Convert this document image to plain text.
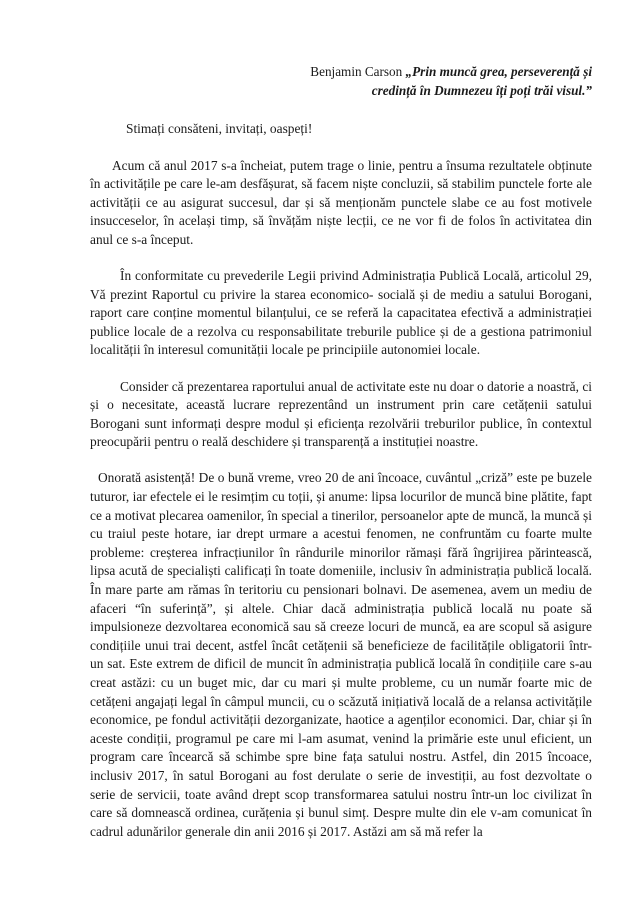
Benjamin Carson „Prin muncă grea, perseverență și
credință în Dumnezeu îți poți trăi visul.”

Stimați consăteni, invitați, oaspeți!

Acum că anul 2017 s-a încheiat, putem trage o linie, pentru a însuma rezultatele obținute în activitățile pe care le-am desfășurat, să facem niște concluzii, să stabilim punctele forte ale activității ce au asigurat succesul, dar și să menționăm punctele slabe ce au fost motivele insucceselor, în același timp, să învățăm niște lecții, ce ne vor fi de folos în activitatea din anul ce s-a început.

În conformitate cu prevederile Legii privind Administrația Publică Locală, articolul 29, Vă prezint Raportul cu privire la starea economico- socială și de mediu a satului Borogani, raport care conține momentul bilanțului, ce se referă la capacitatea efectivă a administrației publice locale de a rezolva cu responsabilitate treburile publice și de a gestiona patrimoniul localității în interesul comunității locale pe principiile autonomiei locale.

Consider că prezentarea raportului anual de activitate este nu doar o datorie a noastră, ci și o necesitate, această lucrare reprezentând un instrument prin care cetățenii satului Borogani sunt informați despre modul și eficiența rezolvării treburilor publice, în contextul preocupării pentru o reală deschidere și transparență a instituției noastre.

Onorată asistență! De o bună vreme, vreo 20 de ani încoace, cuvântul „criză” este pe buzele tuturor, iar efectele ei le resimțim cu toții, și anume: lipsa locurilor de muncă bine plătite, fapt ce a motivat plecarea oamenilor, în special a tinerilor, persoanelor apte de muncă, la muncă și cu traiul peste hotare, iar drept urmare a acestui fenomen, ne confruntăm cu foarte multe probleme: creșterea infracțiunilor în rândurile minorilor rămași fără îngrijirea părintească, lipsa acută de specialiști calificați în toate domeniile, inclusiv în administrația publică locală. În mare parte am rămas în teritoriu cu pensionari bolnavi. De asemenea, avem un mediu de afaceri “în suferință”, și altele. Chiar dacă administrația publică locală nu poate să impulsioneze dezvoltarea economică sau să creeze locuri de muncă, ea are scopul să asigure condițiile unui trai decent, astfel încât cetățenii să beneficieze de facilitățile obligatorii într-un sat. Este extrem de dificil de muncit în administrația publică locală în condițiile care s-au creat astăzi: cu un buget mic, dar cu mari și multe probleme, cu un număr foarte mic de cetățeni angajați legal în câmpul muncii, cu o scăzută inițiativă locală de a relansa activitățile economice, pe fondul activității dezorganizate, haotice a agenților economici. Dar, chiar și în aceste condiții, programul pe care mi l-am asumat, venind la primărie este unul eficient, un program care încearcă să schimbe spre bine fața satului nostru. Astfel, din 2015 încoace, inclusiv 2017, în satul Borogani au fost derulate o serie de investiții, au fost dezvoltate o serie de servicii, toate având drept scop transformarea satului nostru într-un loc civilizat în care să domnească ordinea, curățenia și bunul simț. Despre multe din ele v-am comunicat în cadrul adunărilor generale din anii 2016 și 2017. Astăzi am să mă refer la
